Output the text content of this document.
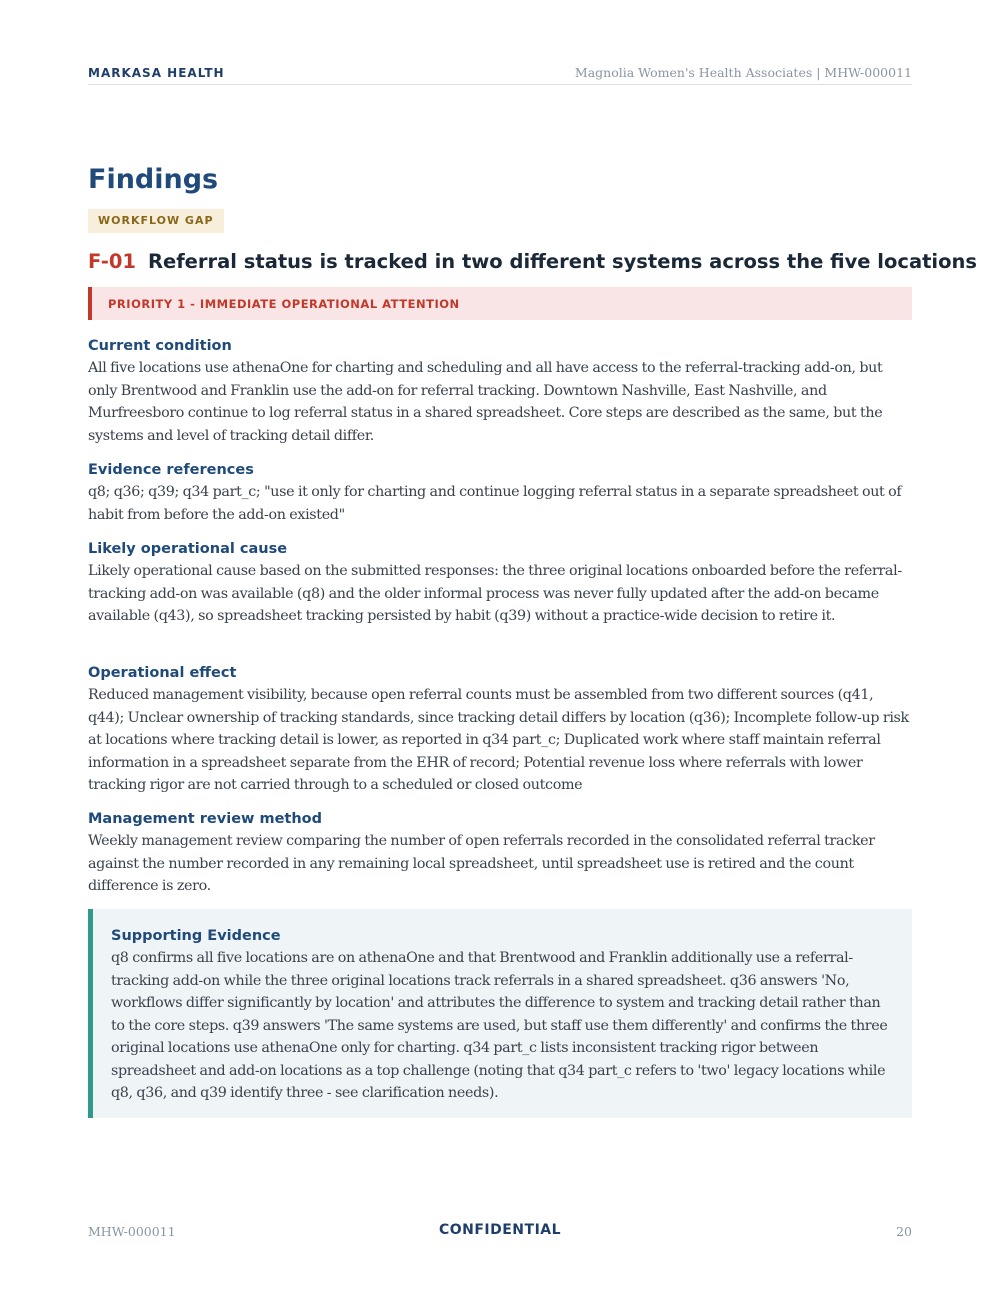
MARKASA HEALTH	Magnolia Women's Health Associates | MHW-000011
Findings
WORKFLOW GAP
F-01 Referral status is tracked in two different systems across the five locations
PRIORITY 1 - IMMEDIATE OPERATIONAL ATTENTION
Current condition

All five locations use athenaOne for charting and scheduling and all have access to the referral-tracking add-on, but only Brentwood and Franklin use the add-on for referral tracking. Downtown Nashville, East Nashville, and Murfreesboro continue to log referral status in a shared spreadsheet. Core steps are described as the same, but the systems and level of tracking detail differ.

Evidence references

q8; q36; q39; q34 part_c; "use it only for charting and continue logging referral status in a separate spreadsheet out of habit from before the add-on existed"

Likely operational cause

Likely operational cause based on the submitted responses: the three original locations onboarded before the referral-tracking add-on was available (q8) and the older informal process was never fully updated after the add-on became available (q43), so spreadsheet tracking persisted by habit (q39) without a practice-wide decision to retire it.

Operational effect

Reduced management visibility, because open referral counts must be assembled from two different sources (q41, q44); Unclear ownership of tracking standards, since tracking detail differs by location (q36); Incomplete follow-up risk at locations where tracking detail is lower, as reported in q34 part_c; Duplicated work where staff maintain referral information in a spreadsheet separate from the EHR of record; Potential revenue loss where referrals with lower tracking rigor are not carried through to a scheduled or closed outcome

Management review method

Weekly management review comparing the number of open referrals recorded in the consolidated referral tracker against the number recorded in any remaining local spreadsheet, until spreadsheet use is retired and the count difference is zero.

Supporting Evidence

q8 confirms all five locations are on athenaOne and that Brentwood and Franklin additionally use a referral-tracking add-on while the three original locations track referrals in a shared spreadsheet. q36 answers 'No, workflows differ significantly by location' and attributes the difference to system and tracking detail rather than to the core steps. q39 answers 'The same systems are used, but staff use them differently' and confirms the three original locations use athenaOne only for charting. q34 part_c lists inconsistent tracking rigor between spreadsheet and add-on locations as a top challenge (noting that q34 part_c refers to 'two' legacy locations while q8, q36, and q39 identify three - see clarification needs).

MHW-000011	CONFIDENTIAL	20
